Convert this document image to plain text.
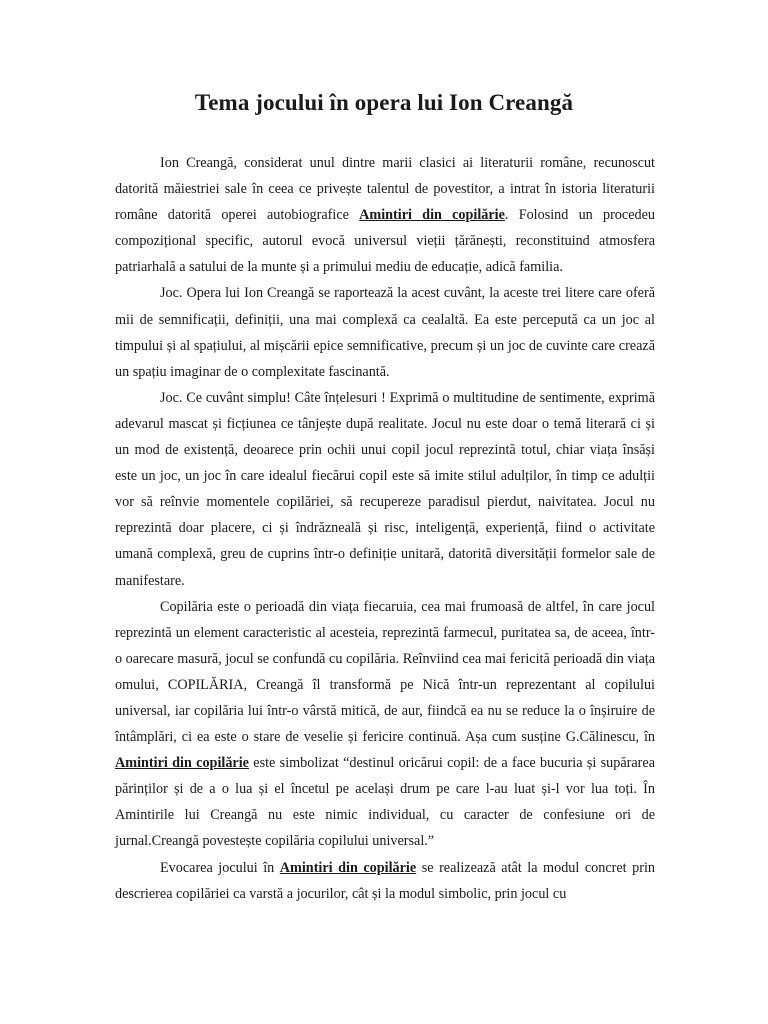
Tema jocului în opera lui Ion Creangă

Ion Creangă, considerat unul dintre marii clasici ai literaturii române, recunoscut datorită măiestriei sale în ceea ce privește talentul de povestitor, a intrat în istoria literaturii române datorită operei autobiografice Amintiri din copilărie. Folosind un procedeu compozițional specific, autorul evocă universul vieții țărănești, reconstituind atmosfera patriarhală a satului de la munte și a primului mediu de educație, adică familia.

Joc. Opera lui Ion Creangă se raportează la acest cuvânt, la aceste trei litere care oferă mii de semnificații, definiții, una mai complexă ca cealaltă. Ea este percepută ca un joc al timpului și al spațiului, al mișcării epice semnificative, precum și un joc de cuvinte care crează un spațiu imaginar de o complexitate fascinantă.

Joc. Ce cuvânt simplu! Câte înțelesuri ! Exprimă o multitudine de sentimente, exprimă adevarul mascat și ficțiunea ce tânjește după realitate. Jocul nu este doar o temă literară ci și un mod de existență, deoarece prin ochii unui copil jocul reprezintă totul, chiar viața însăși este un joc, un joc în care idealul fiecărui copil este să imite stilul adulților, în timp ce adulții vor să reînvie momentele copilăriei, să recupereze paradisul pierdut, naivitatea. Jocul nu reprezintă doar placere, ci și îndrăzneală și risc, inteligență, experiență, fiind o activitate umană complexă, greu de cuprins într-o definiție unitară, datorită diversității formelor sale de manifestare.

Copilăria este o perioadă din viața fiecaruia, cea mai frumoasă de altfel, în care jocul reprezintă un element caracteristic al acesteia, reprezintă farmecul, puritatea sa, de aceea, într-o oarecare masură, jocul se confundă cu copilăria. Reînviind cea mai fericită perioadă din viața omului, COPILĂRIA, Creangă îl transformă pe Nică într-un reprezentant al copilului universal, iar copilăria lui într-o vârstă mitică, de aur, fiindcă ea nu se reduce la o înșiruire de întâmplări, ci ea este o stare de veselie și fericire continuă. Așa cum susține G.Călinescu, în Amintiri din copilărie este simbolizat “destinul oricărui copil: de a face bucuria și supărarea părinților și de a o lua și el încetul pe același drum pe care l-au luat și-l vor lua toți. În Amintirile lui Creangă nu este nimic individual, cu caracter de confesiune ori de jurnal.Creangă povestește copilăria copilului universal.”

Evocarea jocului în Amintiri din copilărie se realizează atât la modul concret prin descrierea copilăriei ca varstă a jocurilor, cât și la modul simbolic, prin jocul cu
